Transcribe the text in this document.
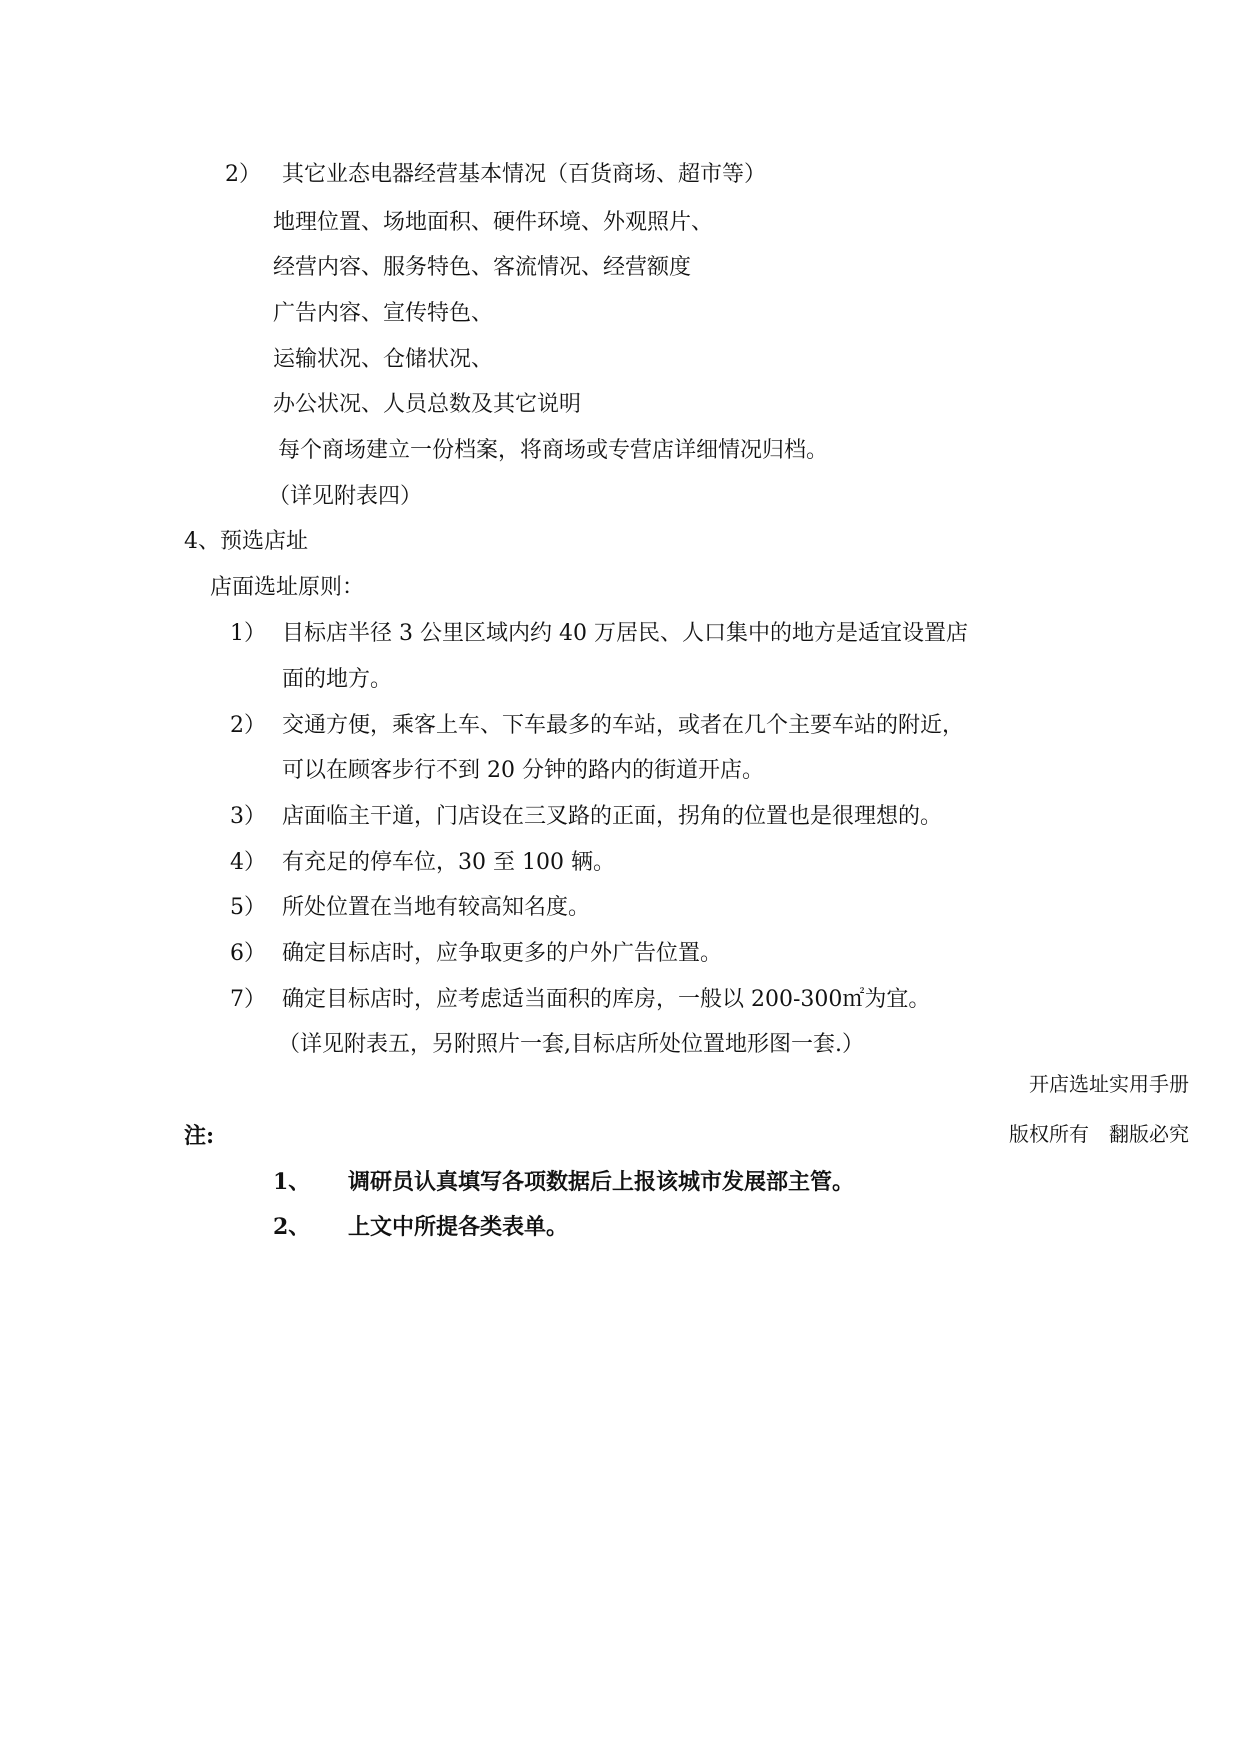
2） 其它业态电器经营基本情况（百货商场、超市等）
地理位置、场地面积、硬件环境、外观照片、
经营内容、服务特色、客流情况、经营额度
广告内容、宣传特色、
运输状况、仓储状况、
办公状况、人员总数及其它说明
每个商场建立一份档案，将商场或专营店详细情况归档。
（详见附表四）
4、预选店址
店面选址原则：
1） 目标店半径 3 公里区域内约 40 万居民、人口集中的地方是适宜设置店
面的地方。
2） 交通方便，乘客上车、下车最多的车站，或者在几个主要车站的附近，
可以在顾客步行不到 20 分钟的路内的街道开店。
3） 店面临主干道，门店设在三叉路的正面，拐角的位置也是很理想的。
4） 有充足的停车位，30 至 100 辆。
5） 所处位置在当地有较高知名度。
6） 确定目标店时，应争取更多的户外广告位置。
7） 确定目标店时，应考虑适当面积的库房，一般以 200-300㎡为宜。
（详见附表五，另附照片一套,目标店所处位置地形图一套.）
开店选址实用手册
注:	版权所有　翻版必究
1、 调研员认真填写各项数据后上报该城市发展部主管。
2、 上文中所提各类表单。
